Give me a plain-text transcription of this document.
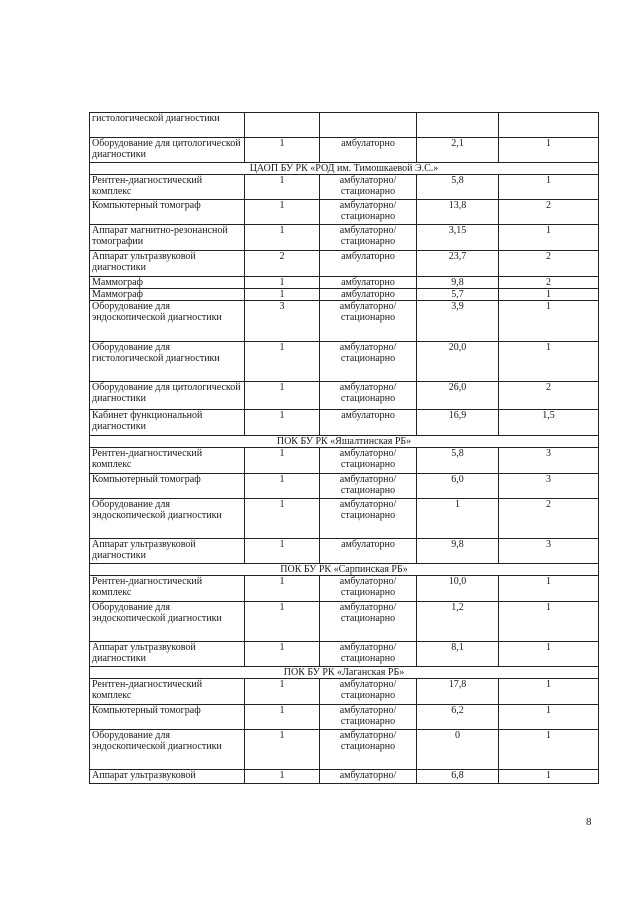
гистологической диагностики				
Оборудование для цитологической диагностики	1	амбулаторно	2,1	1
ЦАОП БУ РК «РОД им. Тимошкаевой Э.С.»				
Рентген-диагностический комплекс	1	амбулаторно/ стационарно	5,8	1
Компьютерный томограф	1	амбулаторно/ стационарно	13,8	2
Аппарат магнитно-резонансной томографии	1	амбулаторно/ стационарно	3,15	1
Аппарат ультразвуковой диагностики	2	амбулаторно	23,7	2
Маммограф	1	амбулаторно	9,8	2
Маммограф	1	амбулаторно	5,7	1
Оборудование для эндоскопической диагностики	3	амбулаторно/ стационарно	3,9	1
Оборудование для гистологической диагностики	1	амбулаторно/ стационарно	20,0	1
Оборудование для цитологической диагностики	1	амбулаторно/ стационарно	26,0	2
Кабинет функциональной диагностики	1	амбулаторно	16,9	1,5
ПОК БУ РК «Яшалтинская РБ»				
Рентген-диагностический комплекс	1	амбулаторно/ стационарно	5,8	3
Компьютерный томограф	1	амбулаторно/ стационарно	6,0	3
Оборудование для эндоскопической диагностики	1	амбулаторно/ стационарно	1	2
Аппарат ультразвуковой диагностики	1	амбулаторно	9,8	3
ПОК БУ РК «Сарпинская РБ»				
Рентген-диагностический комплекс	1	амбулаторно/ стационарно	10,0	1
Оборудование для эндоскопической диагностики	1	амбулаторно/ стационарно	1,2	1
Аппарат ультразвуковой диагностики	1	амбулаторно/ стационарно	8,1	1
ПОК БУ РК «Лаганская РБ»				
Рентген-диагностический комплекс	1	амбулаторно/ стационарно	17,8	1
Компьютерный томограф	1	амбулаторно/ стационарно	6,2	1
Оборудование для эндоскопической диагностики	1	амбулаторно/ стационарно	0	1
Аппарат ультразвуковой	1	амбулаторно/	6,8	1
8
